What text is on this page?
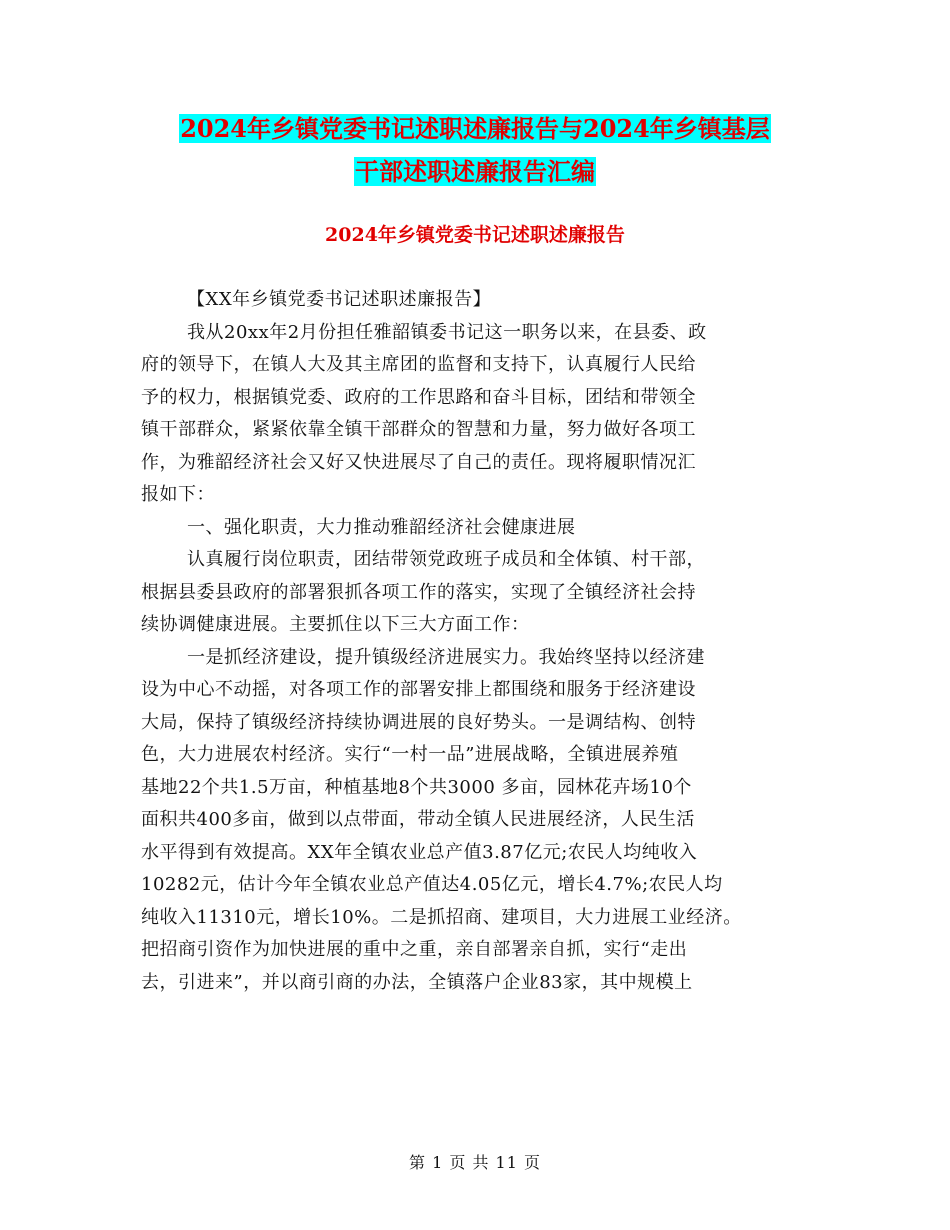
2024年乡镇党委书记述职述廉报告与2024年乡镇基层
干部述职述廉报告汇编
2024年乡镇党委书记述职述廉报告
【XX年乡镇党委书记述职述廉报告】
我从20xx年2月份担任雅韶镇委书记这一职务以来，在县委、政
府的领导下，在镇人大及其主席团的监督和支持下，认真履行人民给
予的权力，根据镇党委、政府的工作思路和奋斗目标，团结和带领全
镇干部群众，紧紧依靠全镇干部群众的智慧和力量，努力做好各项工
作，为雅韶经济社会又好又快进展尽了自己的责任。现将履职情况汇
报如下：
一、强化职责，大力推动雅韶经济社会健康进展
认真履行岗位职责，团结带领党政班子成员和全体镇、村干部，
根据县委县政府的部署狠抓各项工作的落实，实现了全镇经济社会持
续协调健康进展。主要抓住以下三大方面工作：
一是抓经济建设，提升镇级经济进展实力。我始终坚持以经济建
设为中心不动摇，对各项工作的部署安排上都围绕和服务于经济建设
大局，保持了镇级经济持续协调进展的良好势头。一是调结构、创特
色，大力进展农村经济。实行“一村一品”进展战略，全镇进展养殖
基地22个共1.5万亩，种植基地8个共3000 多亩，园林花卉场10个
面积共400多亩，做到以点带面，带动全镇人民进展经济，人民生活
水平得到有效提高。XX年全镇农业总产值3.87亿元;农民人均纯收入
10282元，估计今年全镇农业总产值达4.05亿元，增长4.7%;农民人均
纯收入11310元，增长10%。二是抓招商、建项目，大力进展工业经济。
把招商引资作为加快进展的重中之重，亲自部署亲自抓，实行“走出
去，引进来”，并以商引商的办法，全镇落户企业83家，其中规模上
第 1 页 共 11 页
